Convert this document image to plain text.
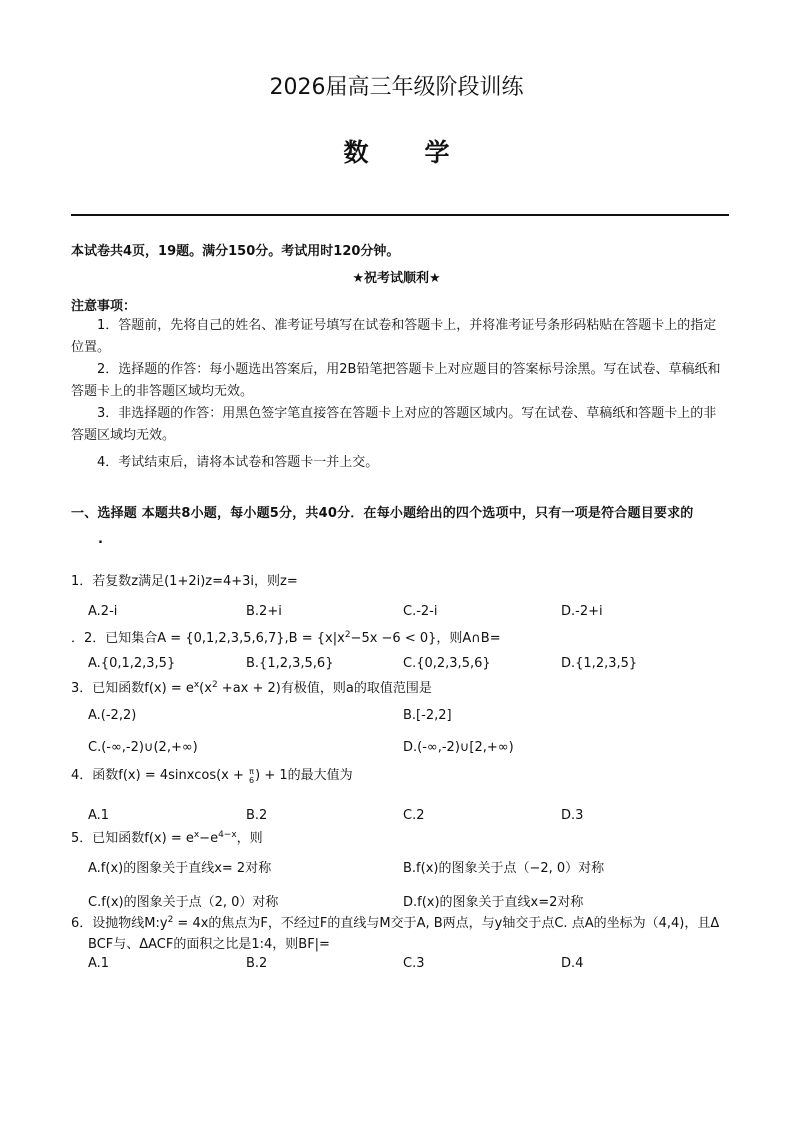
2026届高三年级阶段训练
数学
本试卷共4页，19题。满分150分。考试用时120分钟。
★祝考试顺利★
注意事项：
1．答题前，先将自己的姓名、准考证号填写在试卷和答题卡上，并将准考证号条形码粘贴在答题卡上的指定位置。
2．选择题的作答：每小题选出答案后，用2B铅笔把答题卡上对应题目的答案标号涂黑。写在试卷、草稿纸和答题卡上的非答题区域均无效。
3．非选择题的作答：用黑色签字笔直接答在答题卡上对应的答题区域内。写在试卷、草稿纸和答题卡上的非答题区域均无效。
4．考试结束后，请将本试卷和答题卡一并上交。
一、选择题 本题共8小题，每小题5分，共40分．在每小题给出的四个选项中，只有一项是符合题目要求的
.
1．若复数z满足(1+2i)z=4+3i，则z=
A.2-i	B.2+i	C.-2-i	D.-2+i
．2．已知集合$A = \{0,1,2,3,5,6,7\},B = \{x|x^2-5x -6 < 0\}$，则A∩B=
A.{0,1,2,3,5}	B.{1,2,3,5,6}	C.{0,2,3,5,6}	D.{1,2,3,5}
3．已知函数$f(x) = e^x(x^2 +ax + 2)$有极值，则a的取值范围是
A.(-2,2)	B.[-2,2]
C.(-∞,-2)∪(2,+∞)	D.(-∞,-2)∪[2,+∞)
4．函数f(x) = 4sinxcos(x + π
6 ) + 1的最大值为
A.1	B.2	C.2	D.3
5．已知函数$f(x) = e^x-e^{4-x}$，则
A.f(x)的图象关于直线x= 2对称	B.f(x)的图象关于点（−2, 0）对称
C.f(x)的图象关于点（2, 0）对称	D.f(x)的图象关于直线x=2对称
6．设抛物线$M:y^2 = 4x$的焦点为F，不经过F的直线与M交于A, B两点，与y轴交于点C. 点A的坐标为（4,4)，且Δ
BCF与、ΔACF的面积之比是1:4，则BF|=
A.1	B.2	C.3	D.4
